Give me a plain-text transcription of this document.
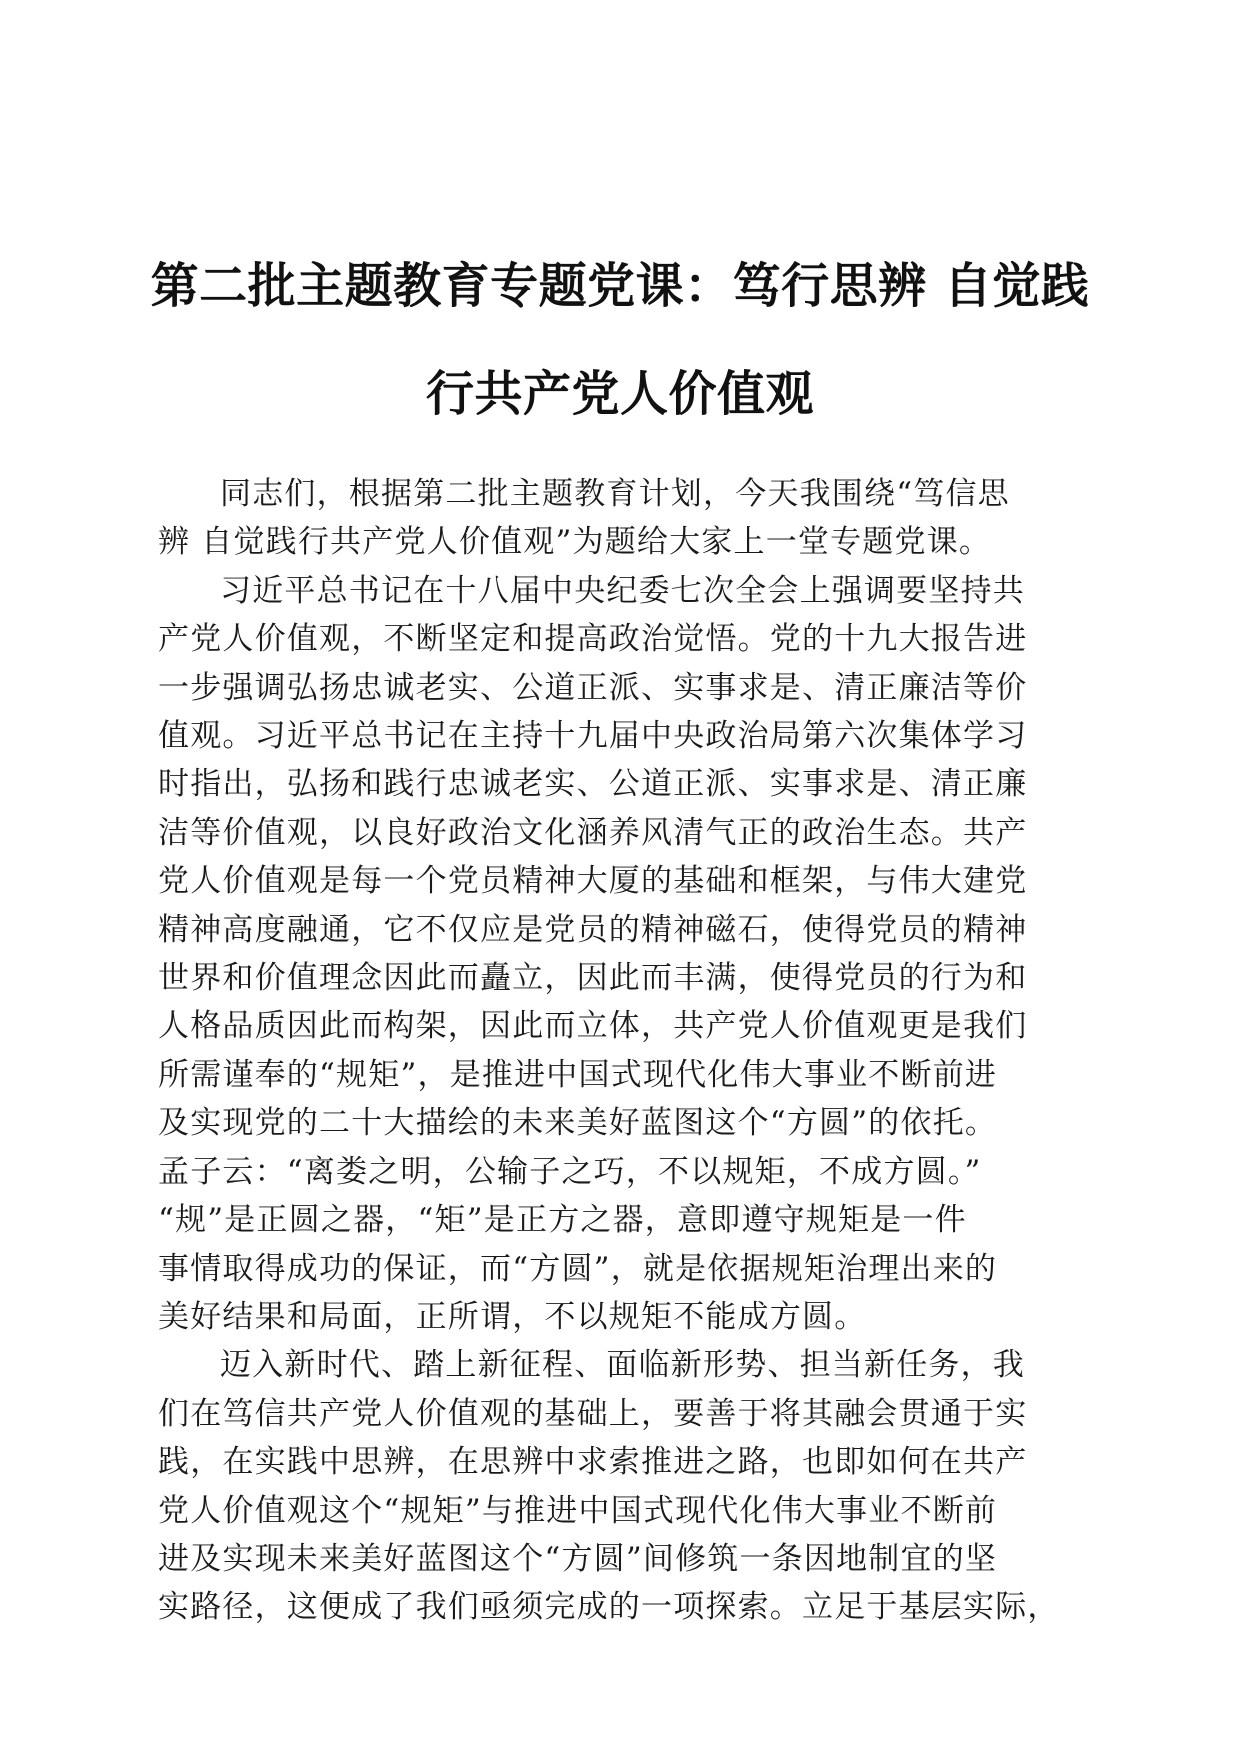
第二批主题教育专题党课：笃行思辨 自觉践
行共产党人价值观

同志们，根据第二批主题教育计划，今天我围绕“笃信思
辨 自觉践行共产党人价值观”为题给大家上一堂专题党课。

习近平总书记在十八届中央纪委七次全会上强调要坚持共
产党人价值观，不断坚定和提高政治觉悟。党的十九大报告进
一步强调弘扬忠诚老实、公道正派、实事求是、清正廉洁等价
值观。习近平总书记在主持十九届中央政治局第六次集体学习
时指出，弘扬和践行忠诚老实、公道正派、实事求是、清正廉
洁等价值观，以良好政治文化涵养风清气正的政治生态。共产
党人价值观是每一个党员精神大厦的基础和框架，与伟大建党
精神高度融通，它不仅应是党员的精神磁石，使得党员的精神
世界和价值理念因此而矗立，因此而丰满，使得党员的行为和
人格品质因此而构架，因此而立体，共产党人价值观更是我们
所需谨奉的“规矩”，是推进中国式现代化伟大事业不断前进
及实现党的二十大描绘的未来美好蓝图这个“方圆”的依托。
孟子云：“离娄之明，公输子之巧，不以规矩，不成方圆。”
“规”是正圆之器，“矩”是正方之器，意即遵守规矩是一件
事情取得成功的保证，而“方圆”，就是依据规矩治理出来的
美好结果和局面，正所谓，不以规矩不能成方圆。

迈入新时代、踏上新征程、面临新形势、担当新任务，我
们在笃信共产党人价值观的基础上，要善于将其融会贯通于实
践，在实践中思辨，在思辨中求索推进之路，也即如何在共产
党人价值观这个“规矩”与推进中国式现代化伟大事业不断前
进及实现未来美好蓝图这个“方圆”间修筑一条因地制宜的坚
实路径，这便成了我们亟须完成的一项探索。立足于基层实际，
